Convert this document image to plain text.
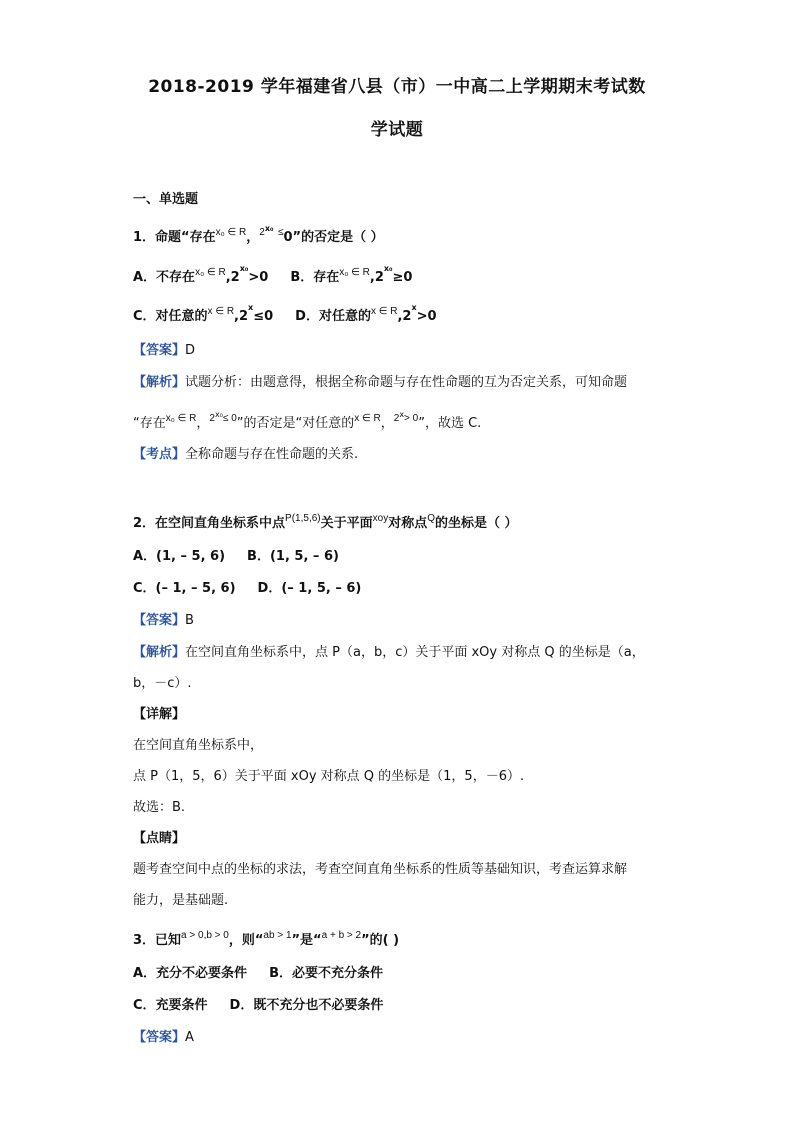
2018-2019 学年福建省八县（市）一中高二上学期期末考试数
学试题
一、单选题
1．命题“存在$^{x_0 \in R}$，$^{2x_0}$ ≤0”的否定是（ ）
A．不存在$^{x_0 \in R},2^{x_0}>0$ B．存在$^{x_0 \in R},2^{x_0}\ge 0$
C．对任意的$^{x \in R},2^x\le 0$ D．对任意的$^{x \in R},2^x>0$
【答案】D
【解析】试题分析：由题意得，根据全称命题与存在性命题的互为否定关系，可知命题
“存在$^{x_0 \in R}$，$^{2x_0\le 0}$”的否定是“对任意的$^{x \in R}$，$^{2x> 0}$”，故选 C.
【考点】全称命题与存在性命题的关系.
2．在空间直角坐标系中点$^{P(1,5,6)}$关于平面$^{xoy}$对称点$^Q$的坐标是（ ）
A．(1, – 5, 6) B．(1, 5, – 6)
C．(– 1, – 5, 6) D．(– 1, 5, – 6)
【答案】B
【解析】在空间直角坐标系中，点 P（a，b，c）关于平面 xOy 对称点 Q 的坐标是（a，
b，－c）.
【详解】
在空间直角坐标系中，
点 P（1，5，6）关于平面 xOy 对称点 Q 的坐标是（1，5，－6）.
故选：B.
【点睛】
题考查空间中点的坐标的求法，考查空间直角坐标系的性质等基础知识，考查运算求解
能力，是基础题.
3．已知$^{a > 0,b > 0}$，则“$^{ab > 1}$”是“$^{a + b > 2}$”的( )
A．充分不必要条件 B．必要不充分条件
C．充要条件 D．既不充分也不必要条件
【答案】A
